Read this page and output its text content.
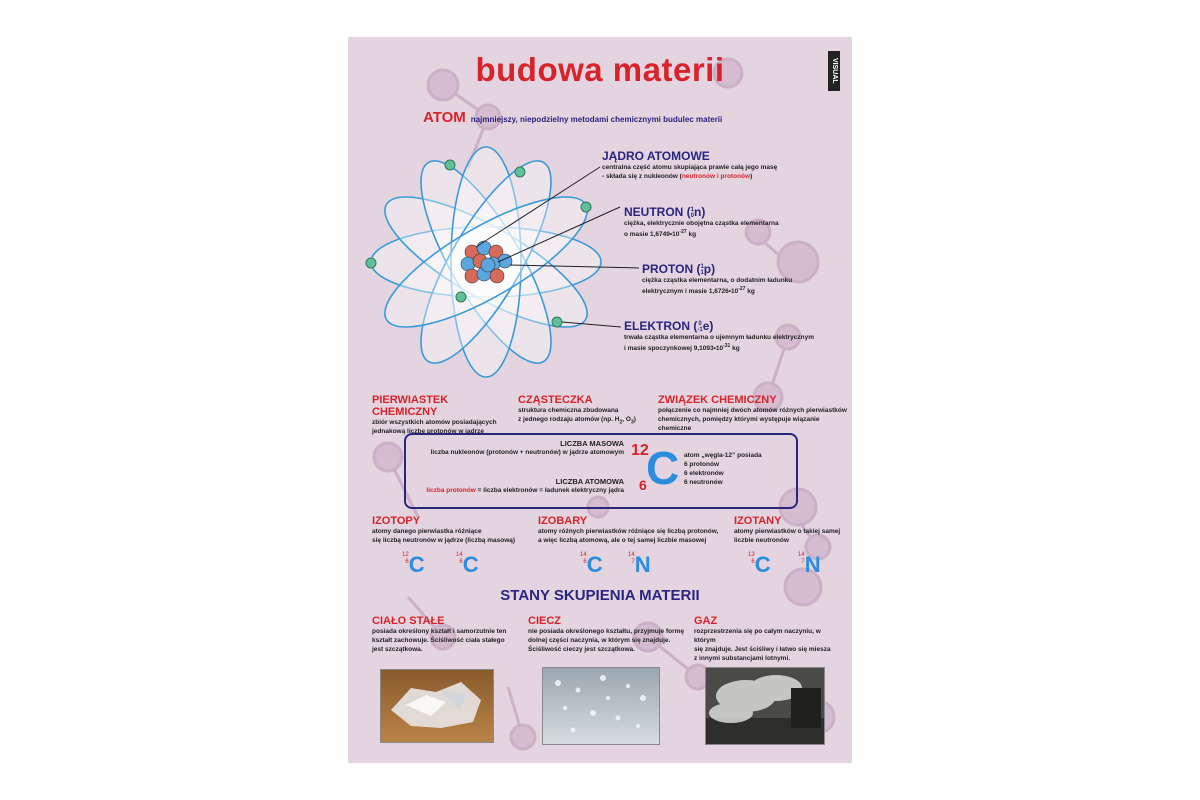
budowa materii	VISUAL
ATOM najmniejszy, niepodzielny metodami chemicznymi budulec materii
JĄDRO ATOMOWE
centralna część atomu skupiająca prawie całą jego masę
- składa się z nukleonów (neutronów i protonów)
NEUTRON (1
0n)
ciężka, elektrycznie obojętna cząstka elementarna
o masie $1,6749•10^{-27}$ kg
PROTON (1
1p)
ciężka cząstka elementarna, o dodatnim ładunku
elektrycznym i masie $1,6726•10^{-27}$ kg
ELEKTRON (0
-1e)
trwała cząstka elementarna o ujemnym ładunku elektrycznym
i masie spoczynkowej $9,1093•10^{-31}$ kg
PIERWIASTEK CHEMICZNY
zbiór wszystkich atomów posiadających
jednakową liczbę protonów w jądrze
CZĄSTECZKA
struktura chemiczna zbudowana
z jednego rodzaju atomów (np. $H_2$, $O_3$)
ZWIĄZEK CHEMICZNY
połączenie co najmniej dwóch atomów różnych pierwiastków
chemicznych, pomiędzy którymi występuje wiązanie chemiczne
LICZBA MASOWA
liczba nukleonów (protonów + neutronów) w jądrze atomowym
LICZBA ATOMOWA
liczba protonów = liczba elektronów = ładunek elektryczny jądra
12
6 C atom „węgla-12” posiada
6 protonów
6 elektronów
6 neutronów
IZOTOPY
atomy danego pierwiastka różniące
się liczbą neutronów w jądrze (liczbą masową)
12
6C	14
6C
IZOBARY
atomy różnych pierwiastków różniące się liczbą protonów,
a więc liczbą atomową, ale o tej samej liczbie masowej
14
6C	14
7N
IZOTANY
atomy pierwiastków o takiej samej
liczbie neutronów
13
6C	14
7N
STANY SKUPIENIA MATERII
CIAŁO STAŁE
posiada określony kształt i samorzutnie ten
kształt zachowuje. Ściśliwość ciała stałego
jest szczątkowa.
CIECZ
nie posiada określonego kształtu, przyjmuje formę
dolnej części naczynia, w którym się znajduje.
Ściśliwość cieczy jest szczątkowa.
GAZ
rozprzestrzenia się po całym naczyniu, w którym
się znajduje. Jest ściśliwy i łatwo się miesza
z innymi substancjami lotnymi.
